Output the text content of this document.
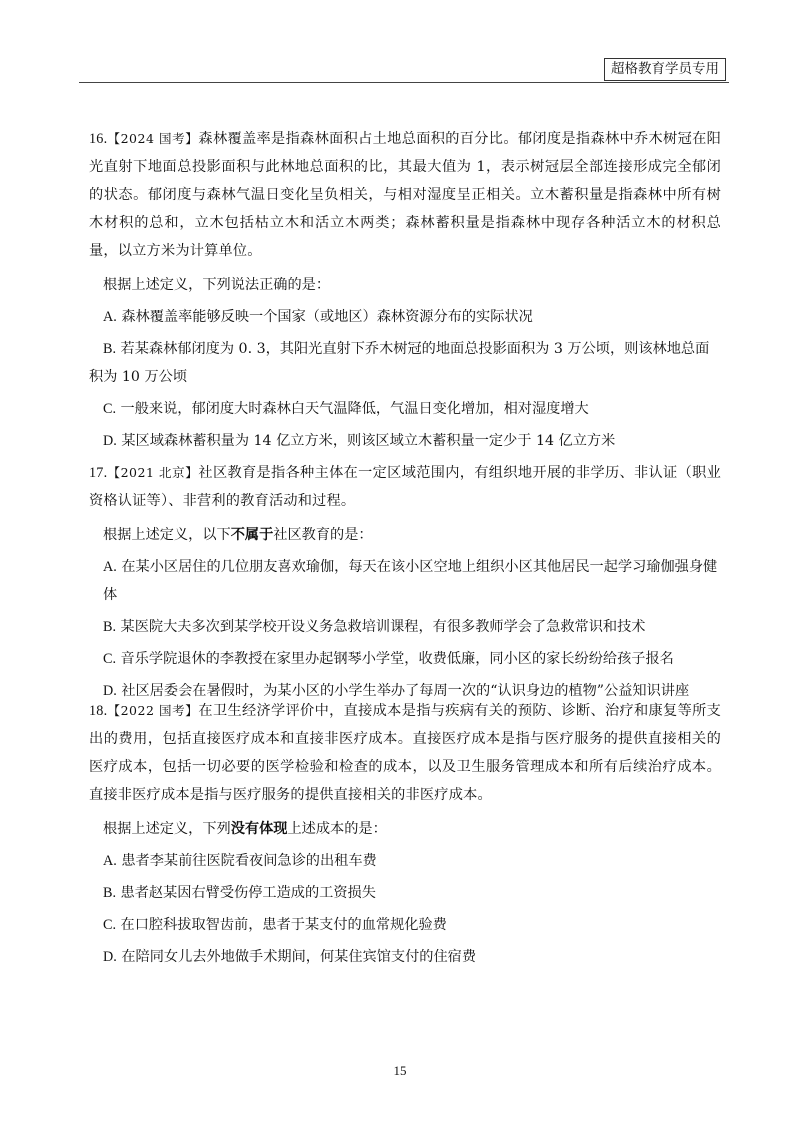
超格教育学员专用

16.【2024 国考】森林覆盖率是指森林面积占土地总面积的百分比。郁闭度是指森林中乔木树冠在阳光直射下地面总投影面积与此林地总面积的比，其最大值为 1，表示树冠层全部连接形成完全郁闭的状态。郁闭度与森林气温日变化呈负相关，与相对湿度呈正相关。立木蓄积量是指森林中所有树木材积的总和，立木包括枯立木和活立木两类；森林蓄积量是指森林中现存各种活立木的材积总量，以立方米为计算单位。

根据上述定义，下列说法正确的是：

A. 森林覆盖率能够反映一个国家（或地区）森林资源分布的实际状况

B. 若某森林郁闭度为 0. 3，其阳光直射下乔木树冠的地面总投影面积为 3 万公顷，则该林地总面积为 10 万公顷

C. 一般来说，郁闭度大时森林白天气温降低，气温日变化增加，相对湿度增大

D. 某区域森林蓄积量为 14 亿立方米，则该区域立木蓄积量一定少于 14 亿立方米

17.【2021 北京】社区教育是指各种主体在一定区域范围内，有组织地开展的非学历、非认证（职业资格认证等）、非营利的教育活动和过程。

根据上述定义，以下不属于社区教育的是：

A. 在某小区居住的几位朋友喜欢瑜伽，每天在该小区空地上组织小区其他居民一起学习瑜伽强身健体

B. 某医院大夫多次到某学校开设义务急救培训课程，有很多教师学会了急救常识和技术

C. 音乐学院退休的李教授在家里办起钢琴小学堂，收费低廉，同小区的家长纷纷给孩子报名

D. 社区居委会在暑假时，为某小区的小学生举办了每周一次的“认识身边的植物”公益知识讲座

18.【2022 国考】在卫生经济学评价中，直接成本是指与疾病有关的预防、诊断、治疗和康复等所支出的费用，包括直接医疗成本和直接非医疗成本。直接医疗成本是指与医疗服务的提供直接相关的医疗成本，包括一切必要的医学检验和检查的成本，以及卫生服务管理成本和所有后续治疗成本。直接非医疗成本是指与医疗服务的提供直接相关的非医疗成本。

根据上述定义，下列没有体现上述成本的是：

A. 患者李某前往医院看夜间急诊的出租车费

B. 患者赵某因右臂受伤停工造成的工资损失

C. 在口腔科拔取智齿前，患者于某支付的血常规化验费

D. 在陪同女儿去外地做手术期间，何某住宾馆支付的住宿费

15
